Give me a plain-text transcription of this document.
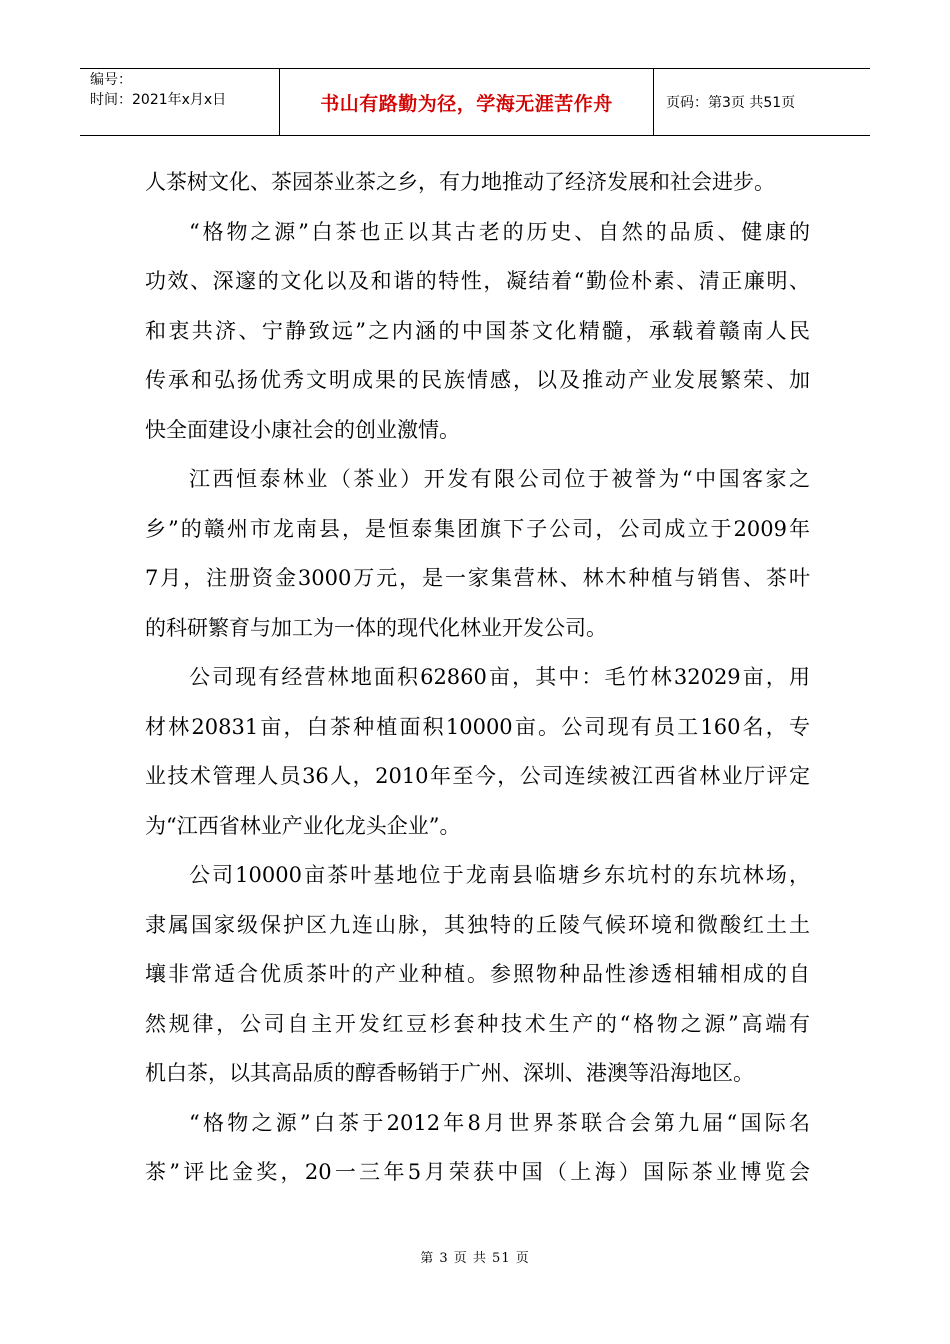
编号：
时间：2021年x月x日	书山有路勤为径，学海无涯苦作舟	页码：第3页 共51页
人茶树文化、茶园茶业茶之乡，有力地推动了经济发展和社会进步。
“格物之源”白茶也正以其古老的历史、自然的品质、健康的
功效、深邃的文化以及和谐的特性，凝结着“勤俭朴素、清正廉明、
和衷共济、宁静致远”之内涵的中国茶文化精髓，承载着赣南人民
传承和弘扬优秀文明成果的民族情感，以及推动产业发展繁荣、加
快全面建设小康社会的创业激情。
江西恒泰林业（茶业）开发有限公司位于被誉为“中国客家之
乡”的赣州市龙南县，是恒泰集团旗下子公司，公司成立于2009年
7月，注册资金3000万元，是一家集营林、林木种植与销售、茶叶
的科研繁育与加工为一体的现代化林业开发公司。
公司现有经营林地面积62860亩，其中：毛竹林32029亩，用
材林20831亩，白茶种植面积10000亩。公司现有员工160名，专
业技术管理人员36人，2010年至今，公司连续被江西省林业厅评定
为“江西省林业产业化龙头企业”。
公司10000亩茶叶基地位于龙南县临塘乡东坑村的东坑林场，
隶属国家级保护区九连山脉，其独特的丘陵气候环境和微酸红土土
壤非常适合优质茶叶的产业种植。参照物种品性渗透相辅相成的自
然规律，公司自主开发红豆杉套种技术生产的“格物之源”高端有
机白茶，以其高品质的醇香畅销于广州、深圳、港澳等沿海地区。
“格物之源”白茶于2012年8月世界茶联合会第九届“国际名
茶”评比金奖，20一三年5月荣获中国（上海）国际茶业博览会
第 3 页 共 51 页
